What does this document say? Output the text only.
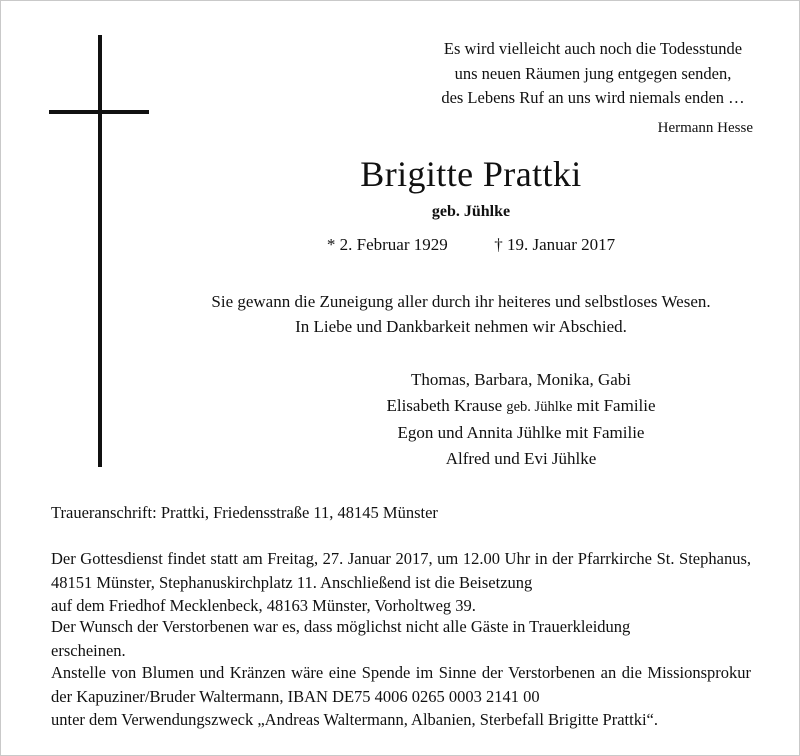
Es wird vielleicht auch noch die Todesstunde
uns neuen Räumen jung entgegen senden,
des Lebens Ruf an uns wird niemals enden …
Hermann Hesse
Brigitte Prattki
geb. Jühlke
* 2. Februar 1929	† 19. Januar 2017
Sie gewann die Zuneigung aller durch ihr heiteres und selbstloses Wesen.
In Liebe und Dankbarkeit nehmen wir Abschied.
Thomas, Barbara, Monika, Gabi
Elisabeth Krause geb. Jühlke mit Familie
Egon und Annita Jühlke mit Familie
Alfred und Evi Jühlke
Traueranschrift: Prattki, Friedensstraße 11, 48145 Münster
Der Gottesdienst findet statt am Freitag, 27. Januar 2017, um 12.00 Uhr in der Pfarrkirche St. Stephanus, 48151 Münster, Stephanuskirchplatz 11. Anschließend ist die Beisetzung
auf dem Friedhof Mecklenbeck, 48163 Münster, Vorholtweg 39.
Der Wunsch der Verstorbenen war es, dass möglichst nicht alle Gäste in Trauerkleidung
erscheinen.
Anstelle von Blumen und Kränzen wäre eine Spende im Sinne der Verstorbenen an die Missionsprokur der Kapuziner/Bruder Waltermann, IBAN DE75 4006 0265 0003 2141 00
unter dem Verwendungszweck „Andreas Waltermann, Albanien, Sterbefall Brigitte Prattki“.
